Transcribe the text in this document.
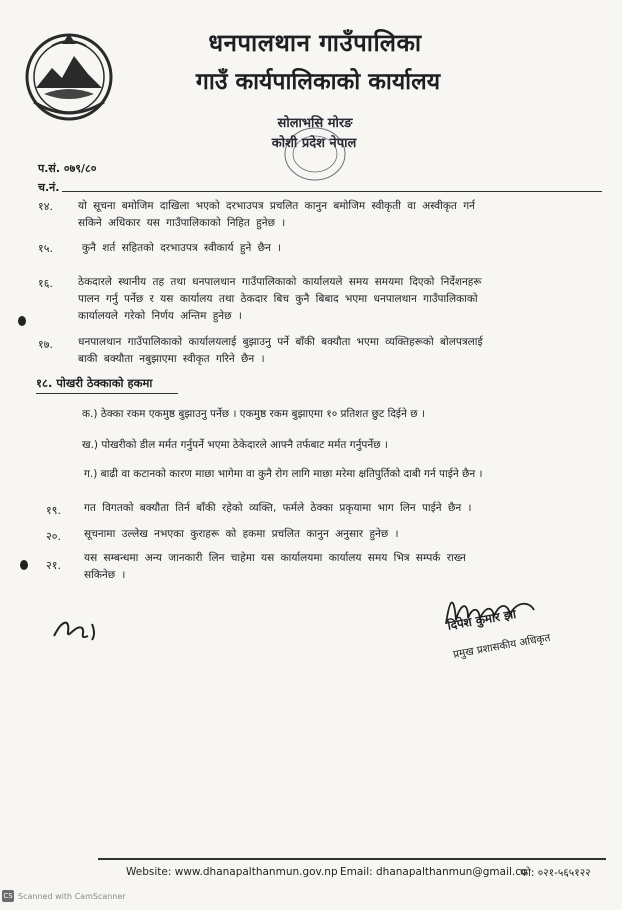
धनपालथान गाउँपालिका
गाउँ कार्यपालिकाको कार्यालय
सोलाभसि मोरङ
कोशी प्रदेश नेपाल
प.सं. ०७९/८०
च.नं.
१४. यो सूचना बमोजिम दाखिला भएको दरभाउपत्र प्रचलित कानुन बमोजिम स्वीकृती वा अस्वीकृत गर्न
सकिने अधिकार यस गाउँपालिकाको निहित हुनेछ ।
१५.	कुनै शर्त सहितको दरभाउपत्र स्वीकार्य हुने छैन ।
१६. ठेकदारले स्थानीय तह तथा धनपालथान गाउँपालिकाको कार्यालयले समय समयमा दिएको निर्देशनहरू
पालन गर्नु पर्नेछ र यस कार्यालय तथा ठेकदार बिच कुनै बिबाद भएमा धनपालथान गाउँपालिकाको
कार्यालयले गरेको निर्णय अन्तिम हुनेछ ।
१७. धनपालथान गाउँपालिकाको कार्यालयलाई बुझाउनु पर्ने बाँकी बक्यौता भएमा व्यक्तिहरूको बोलपत्रलाई
बाकी बक्यौता नबुझाएमा स्वीकृत गरिने छैन ।
१८. पोखरी ठेक्काको हकमा
क.) ठेक्का रकम एकमुष्ठ बुझाउनु पर्नेछ । एकमुष्ठ रकम बुझाएमा १० प्रतिशत छुट दिईने छ ।
ख.) पोखरीको डील मर्मत गर्नुपर्ने भएमा ठेकेदारले आफ्नै तर्फबाट मर्मत गर्नुपर्नेछ ।
ग.) बाढी वा कटानको कारण माछा भागेमा वा कुनै रोग लागि माछा मरेमा क्षतिपुर्तिको दाबी गर्न पाईने छैन ।
१९. गत विगतको बक्यौता तिर्न बाँकी रहेको व्यक्ति, फर्मले ठेक्का प्रकृयामा भाग लिन पाईने छैन ।
२०. सूचनामा उल्लेख नभएका कुराहरू को हकमा प्रचलित कानुन अनुसार हुनेछ ।
२१.
यस सम्बन्धमा अन्य जानकारी लिन चाहेमा यस कार्यालयमा कार्यालय समय भित्र सम्पर्क राख्न
सकिनेछ ।
दिपेश कुमार झा
प्रमुख प्रशासकीय अधिकृत
Website: www.dhanapalthanmun.gov.np Email: dhanapalthanmun@gmail.co
फो: ०२१-५६५१२२
CS Scanned with CamScanner
